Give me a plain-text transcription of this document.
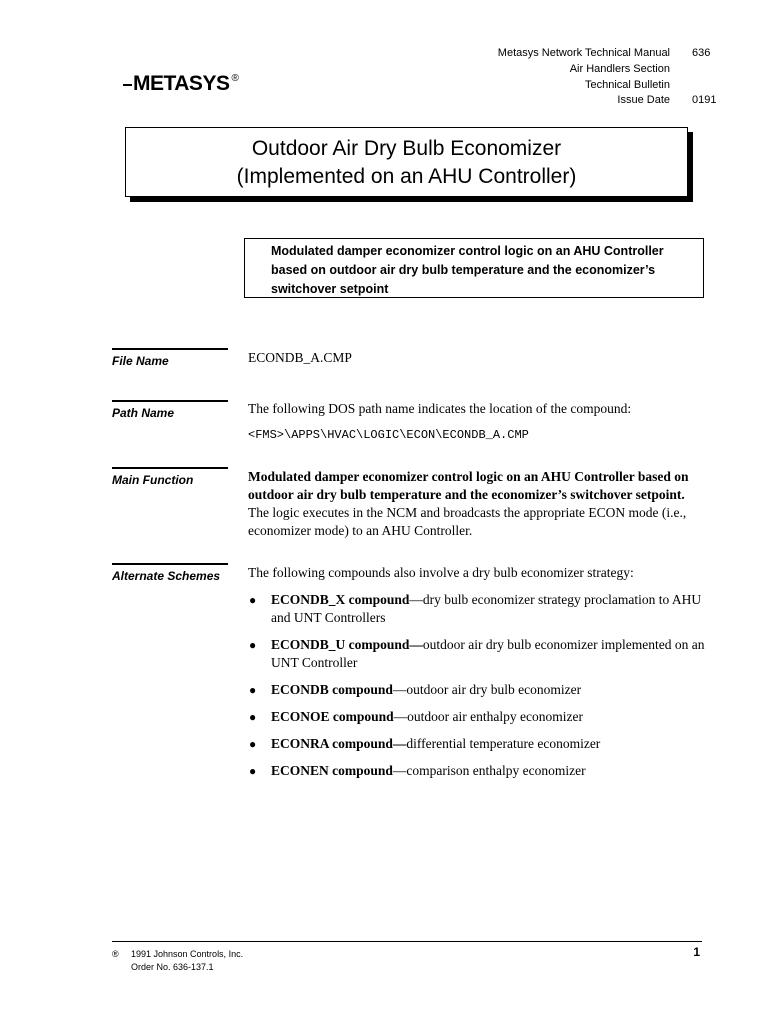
Metasys Network Technical Manual 636
Air Handlers Section
Technical Bulletin
Issue Date 0191
METASYS ®
Outdoor Air Dry Bulb Economizer
(Implemented on an AHU Controller)
Modulated damper economizer control logic on an AHU Controller based on outdoor air dry bulb temperature and the economizer’s switchover setpoint
File Name	ECONDB_A.CMP
Path Name	The following DOS path name indicates the location of the compound:
<FMS>\APPS\HVAC\LOGIC\ECON\ECONDB_A.CMP
Main Function	Modulated damper economizer control logic on an AHU Controller based on outdoor air dry bulb temperature and the economizer’s switchover setpoint. The logic executes in the NCM and broadcasts the appropriate ECON mode (i.e., economizer mode) to an AHU Controller.
Alternate Schemes	The following compounds also involve a dry bulb economizer strategy:
● ECONDB_X compound—dry bulb economizer strategy proclamation to AHU and UNT Controllers
● ECONDB_U compound—outdoor air dry bulb economizer implemented on an UNT Controller
● ECONDB compound—outdoor air dry bulb economizer
● ECONOE compound—outdoor air enthalpy economizer
● ECONRA compound—differential temperature economizer
● ECONEN compound—comparison enthalpy economizer
® 1991 Johnson Controls, Inc.
Order No. 636-137.1
1
